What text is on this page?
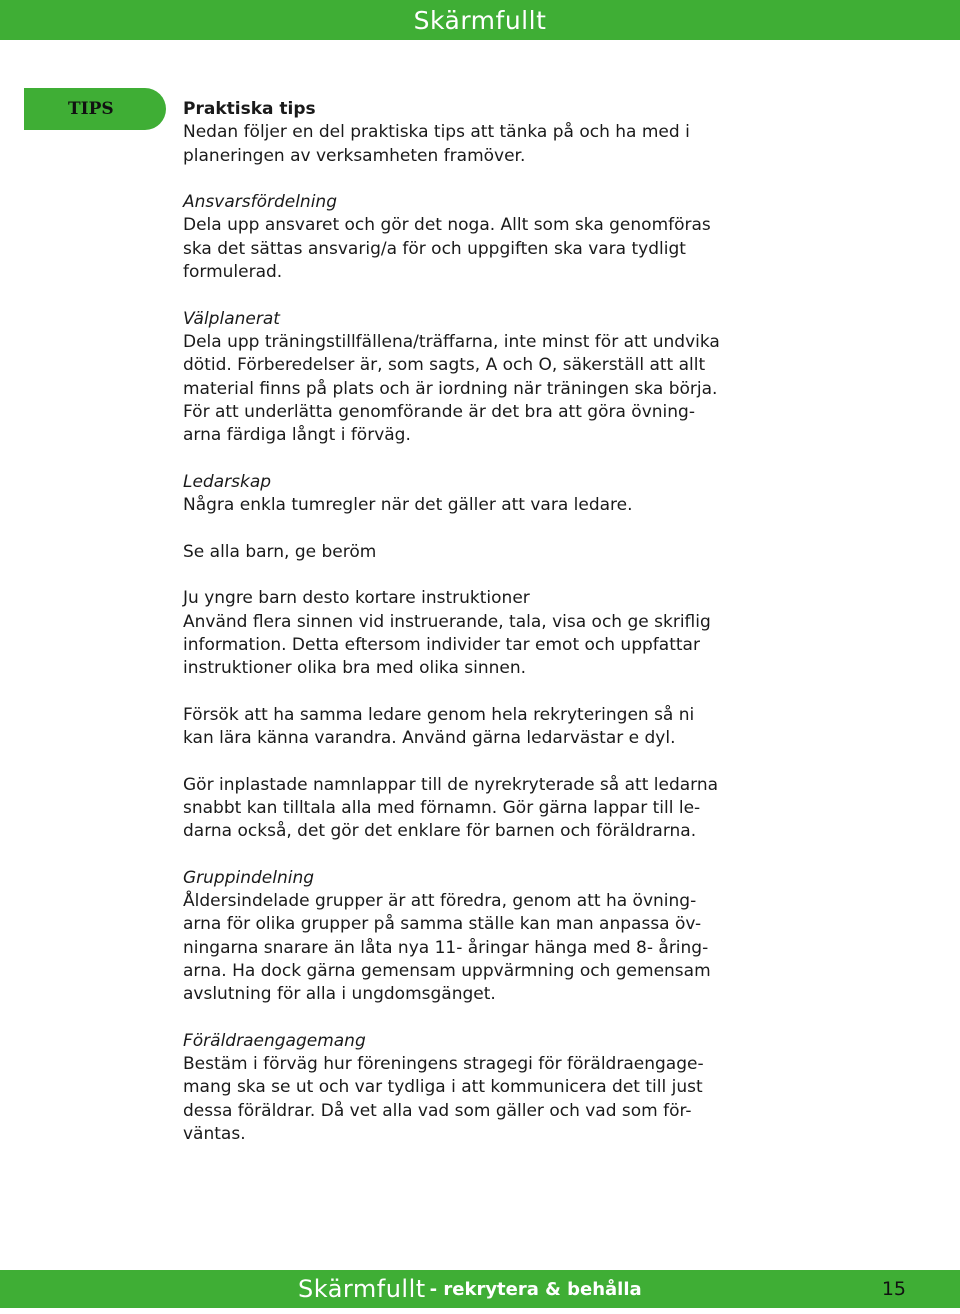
Skärmfullt
TIPS	Praktiska tips
Nedan följer en del praktiska tips att tänka på och ha med i
planeringen av verksamheten framöver.

Ansvarsfördelning
Dela upp ansvaret och gör det noga. Allt som ska genomföras
ska det sättas ansvarig/a för och uppgiften ska vara tydligt
formulerad.

Välplanerat
Dela upp träningstillfällena/träffarna, inte minst för att undvika
dötid. Förberedelser är, som sagts, A och O, säkerställ att allt
material finns på plats och är iordning när träningen ska börja.
För att underlätta genomförande är det bra att göra övning-
arna färdiga långt i förväg.

Ledarskap
Några enkla tumregler när det gäller att vara ledare.

Se alla barn, ge beröm

Ju yngre barn desto kortare instruktioner
Använd flera sinnen vid instruerande, tala, visa och ge skriflig
information. Detta eftersom individer tar emot och uppfattar
instruktioner olika bra med olika sinnen.

Försök att ha samma ledare genom hela rekryteringen så ni
kan lära känna varandra. Använd gärna ledarvästar e dyl.

Gör inplastade namnlappar till de nyrekryterade så att ledarna
snabbt kan tilltala alla med förnamn. Gör gärna lappar till le-
darna också, det gör det enklare för barnen och föräldrarna.

Gruppindelning
Åldersindelade grupper är att föredra, genom att ha övning-
arna för olika grupper på samma ställe kan man anpassa öv-
ningarna snarare än låta nya 11- åringar hänga med 8- åring-
arna. Ha dock gärna gemensam uppvärmning och gemensam
avslutning för alla i ungdomsgänget.

Föräldraengagemang
Bestäm i förväg hur föreningens stragegi för föräldraengage-
mang ska se ut och var tydliga i att kommunicera det till just
dessa föräldrar. Då vet alla vad som gäller och vad som för-
väntas.

Skärmfullt - rekrytera & behålla	15
